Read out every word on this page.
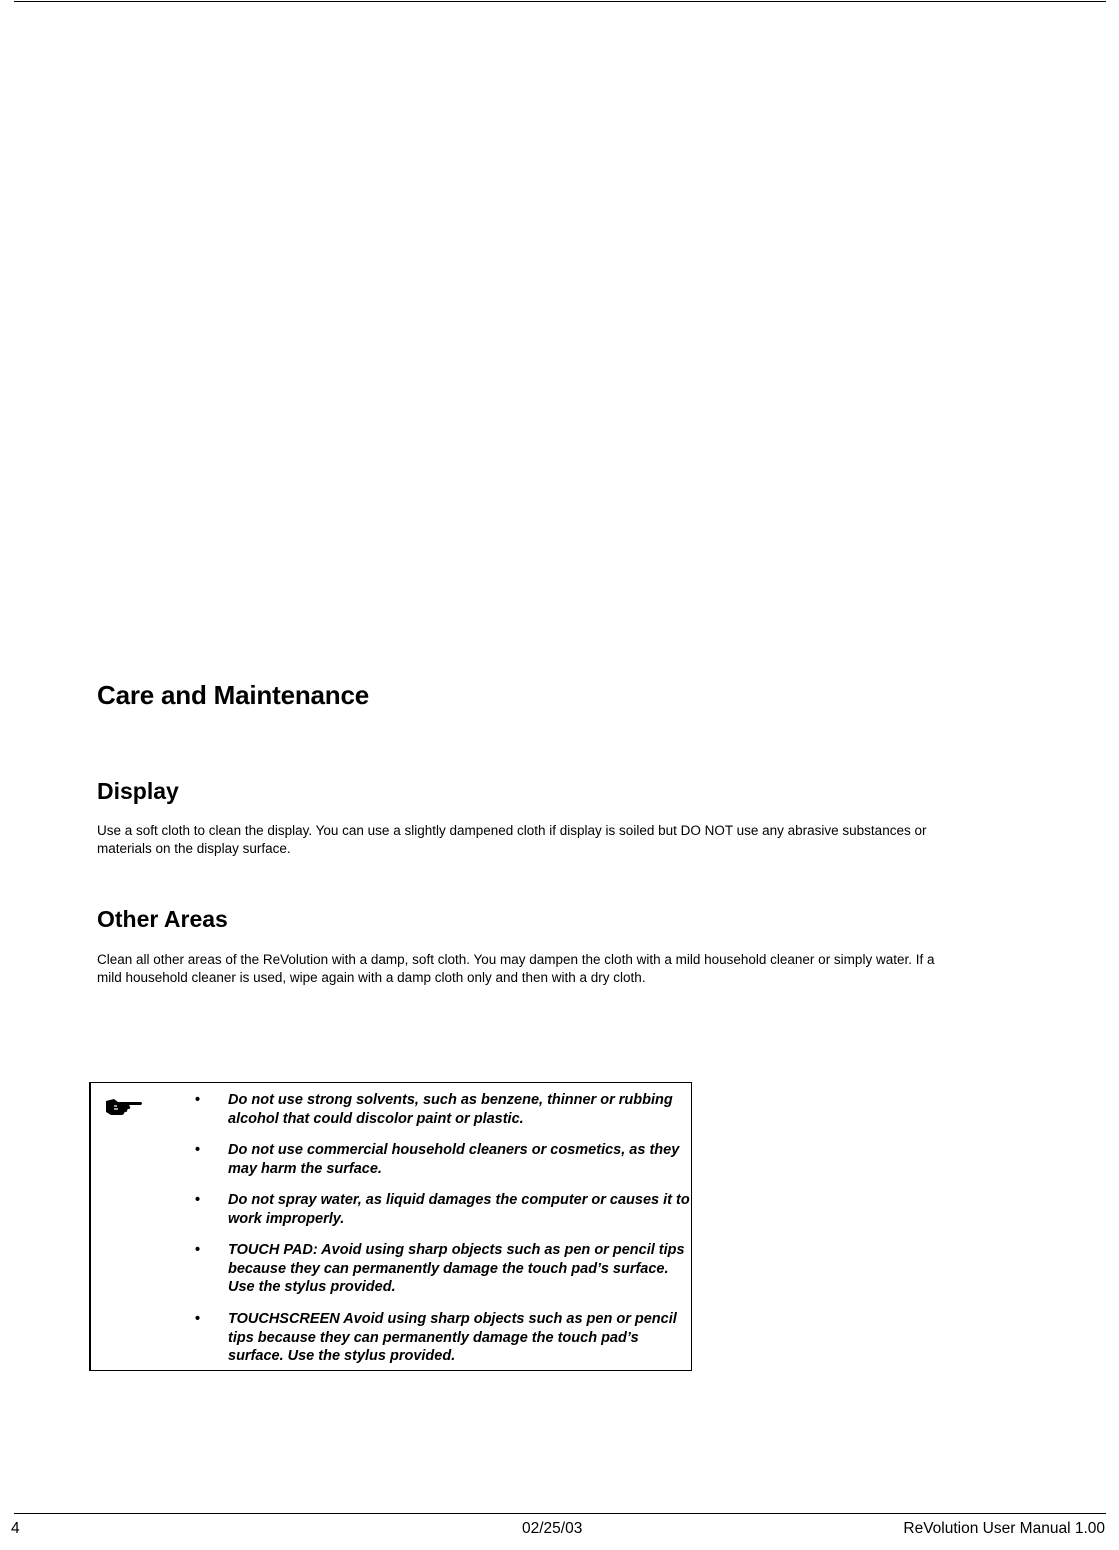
Care and Maintenance
Display

Use a soft cloth to clean the display. You can use a slightly dampened cloth if display is soiled but DO NOT use any abrasive substances or materials on the display surface.

Other Areas

Clean all other areas of the ReVolution with a damp, soft cloth. You may dampen the cloth with a mild household cleaner or simply water. If a mild household cleaner is used, wipe again with a damp cloth only and then with a dry cloth.

• Do not use strong solvents, such as benzene, thinner or rubbing alcohol that could discolor paint or plastic.
• Do not use commercial household cleaners or cosmetics, as they may harm the surface.
• Do not spray water, as liquid damages the computer or causes it to work improperly.
• TOUCH PAD: Avoid using sharp objects such as pen or pencil tips because they can permanently damage the touch pad’s surface. Use the stylus provided.
• TOUCHSCREEN Avoid using sharp objects such as pen or pencil tips because they can permanently damage the touch pad’s surface. Use the stylus provided.
4	02/25/03	ReVolution User Manual 1.00
